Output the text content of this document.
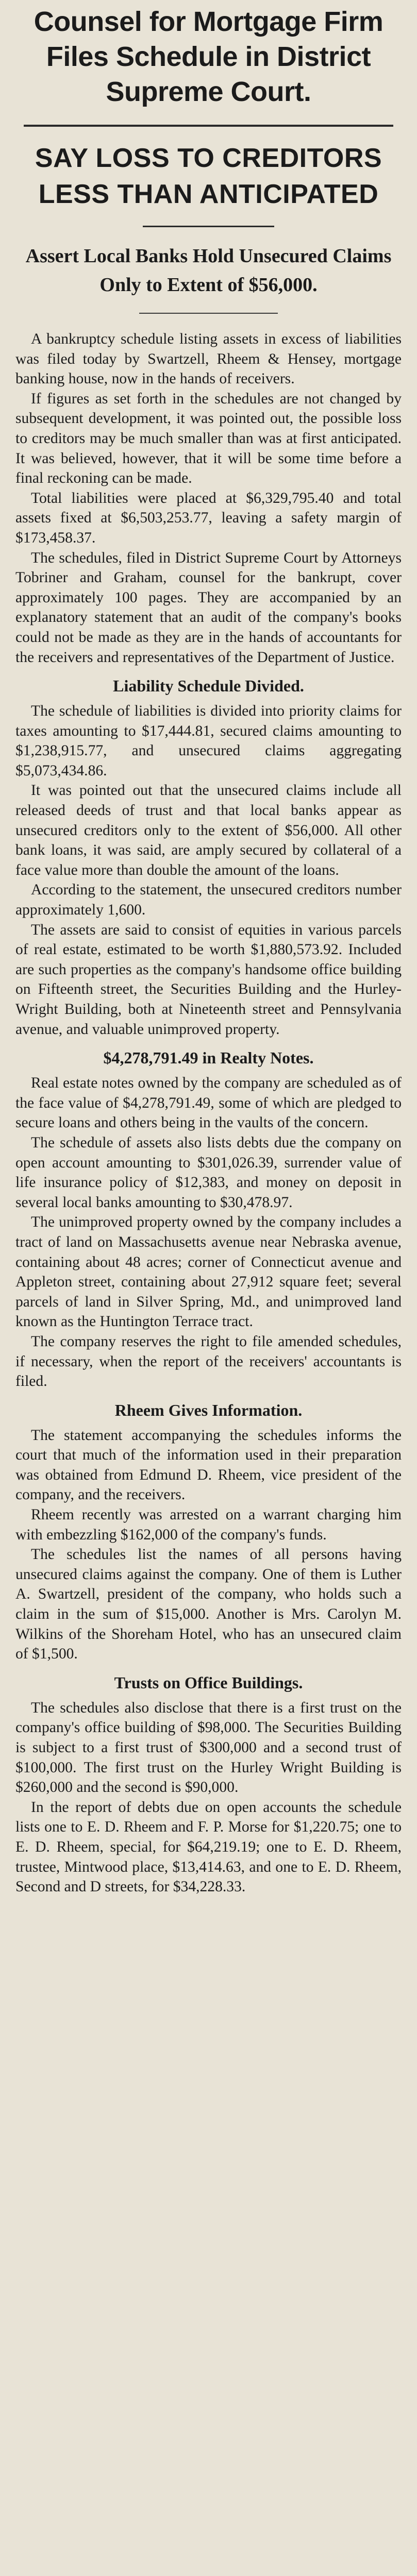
Counsel for Mortgage Firm Files Schedule in District Supreme Court.
SAY LOSS TO CREDITORS LESS THAN ANTICIPATED
Assert Local Banks Hold Unsecured Claims Only to Extent of $56,000.

A bankruptcy schedule listing assets in excess of liabilities was filed today by Swartzell, Rheem & Hensey, mortgage banking house, now in the hands of receivers.

If figures as set forth in the schedules are not changed by subsequent development, it was pointed out, the possible loss to creditors may be much smaller than was at first anticipated. It was believed, however, that it will be some time before a final reckoning can be made.

Total liabilities were placed at $6,329,795.40 and total assets fixed at $6,503,253.77, leaving a safety margin of $173,458.37.

The schedules, filed in District Supreme Court by Attorneys Tobriner and Graham, counsel for the bankrupt, cover approximately 100 pages. They are accompanied by an explanatory statement that an audit of the company's books could not be made as they are in the hands of accountants for the receivers and representatives of the Department of Justice.

Liability Schedule Divided.

The schedule of liabilities is divided into priority claims for taxes amounting to $17,444.81, secured claims amounting to $1,238,915.77, and unsecured claims aggregating $5,073,434.86.

It was pointed out that the unsecured claims include all released deeds of trust and that local banks appear as unsecured creditors only to the extent of $56,000. All other bank loans, it was said, are amply secured by collateral of a face value more than double the amount of the loans.

According to the statement, the unsecured creditors number approximately 1,600.

The assets are said to consist of equities in various parcels of real estate, estimated to be worth $1,880,573.92. Included are such properties as the company's handsome office building on Fifteenth street, the Securities Building and the Hurley-Wright Building, both at Nineteenth street and Pennsylvania avenue, and valuable unimproved property.

$4,278,791.49 in Realty Notes.

Real estate notes owned by the company are scheduled as of the face value of $4,278,791.49, some of which are pledged to secure loans and others being in the vaults of the concern.

The schedule of assets also lists debts due the company on open account amounting to $301,026.39, surrender value of life insurance policy of $12,383, and money on deposit in several local banks amounting to $30,478.97.

The unimproved property owned by the company includes a tract of land on Massachusetts avenue near Nebraska avenue, containing about 48 acres; corner of Connecticut avenue and Appleton street, containing about 27,912 square feet; several parcels of land in Silver Spring, Md., and unimproved land known as the Huntington Terrace tract.

The company reserves the right to file amended schedules, if necessary, when the report of the receivers' accountants is filed.

Rheem Gives Information.

The statement accompanying the schedules informs the court that much of the information used in their preparation was obtained from Edmund D. Rheem, vice president of the company, and the receivers.

Rheem recently was arrested on a warrant charging him with embezzling $162,000 of the company's funds.

The schedules list the names of all persons having unsecured claims against the company. One of them is Luther A. Swartzell, president of the company, who holds such a claim in the sum of $15,000. Another is Mrs. Carolyn M. Wilkins of the Shoreham Hotel, who has an unsecured claim of $1,500.

Trusts on Office Buildings.

The schedules also disclose that there is a first trust on the company's office building of $98,000. The Securities Building is subject to a first trust of $300,000 and a second trust of $100,000. The first trust on the Hurley Wright Building is $260,000 and the second is $90,000.

In the report of debts due on open accounts the schedule lists one to E. D. Rheem and F. P. Morse for $1,220.75; one to E. D. Rheem, special, for $64,219.19; one to E. D. Rheem, trustee, Mintwood place, $13,414.63, and one to E. D. Rheem, Second and D streets, for $34,228.33.
